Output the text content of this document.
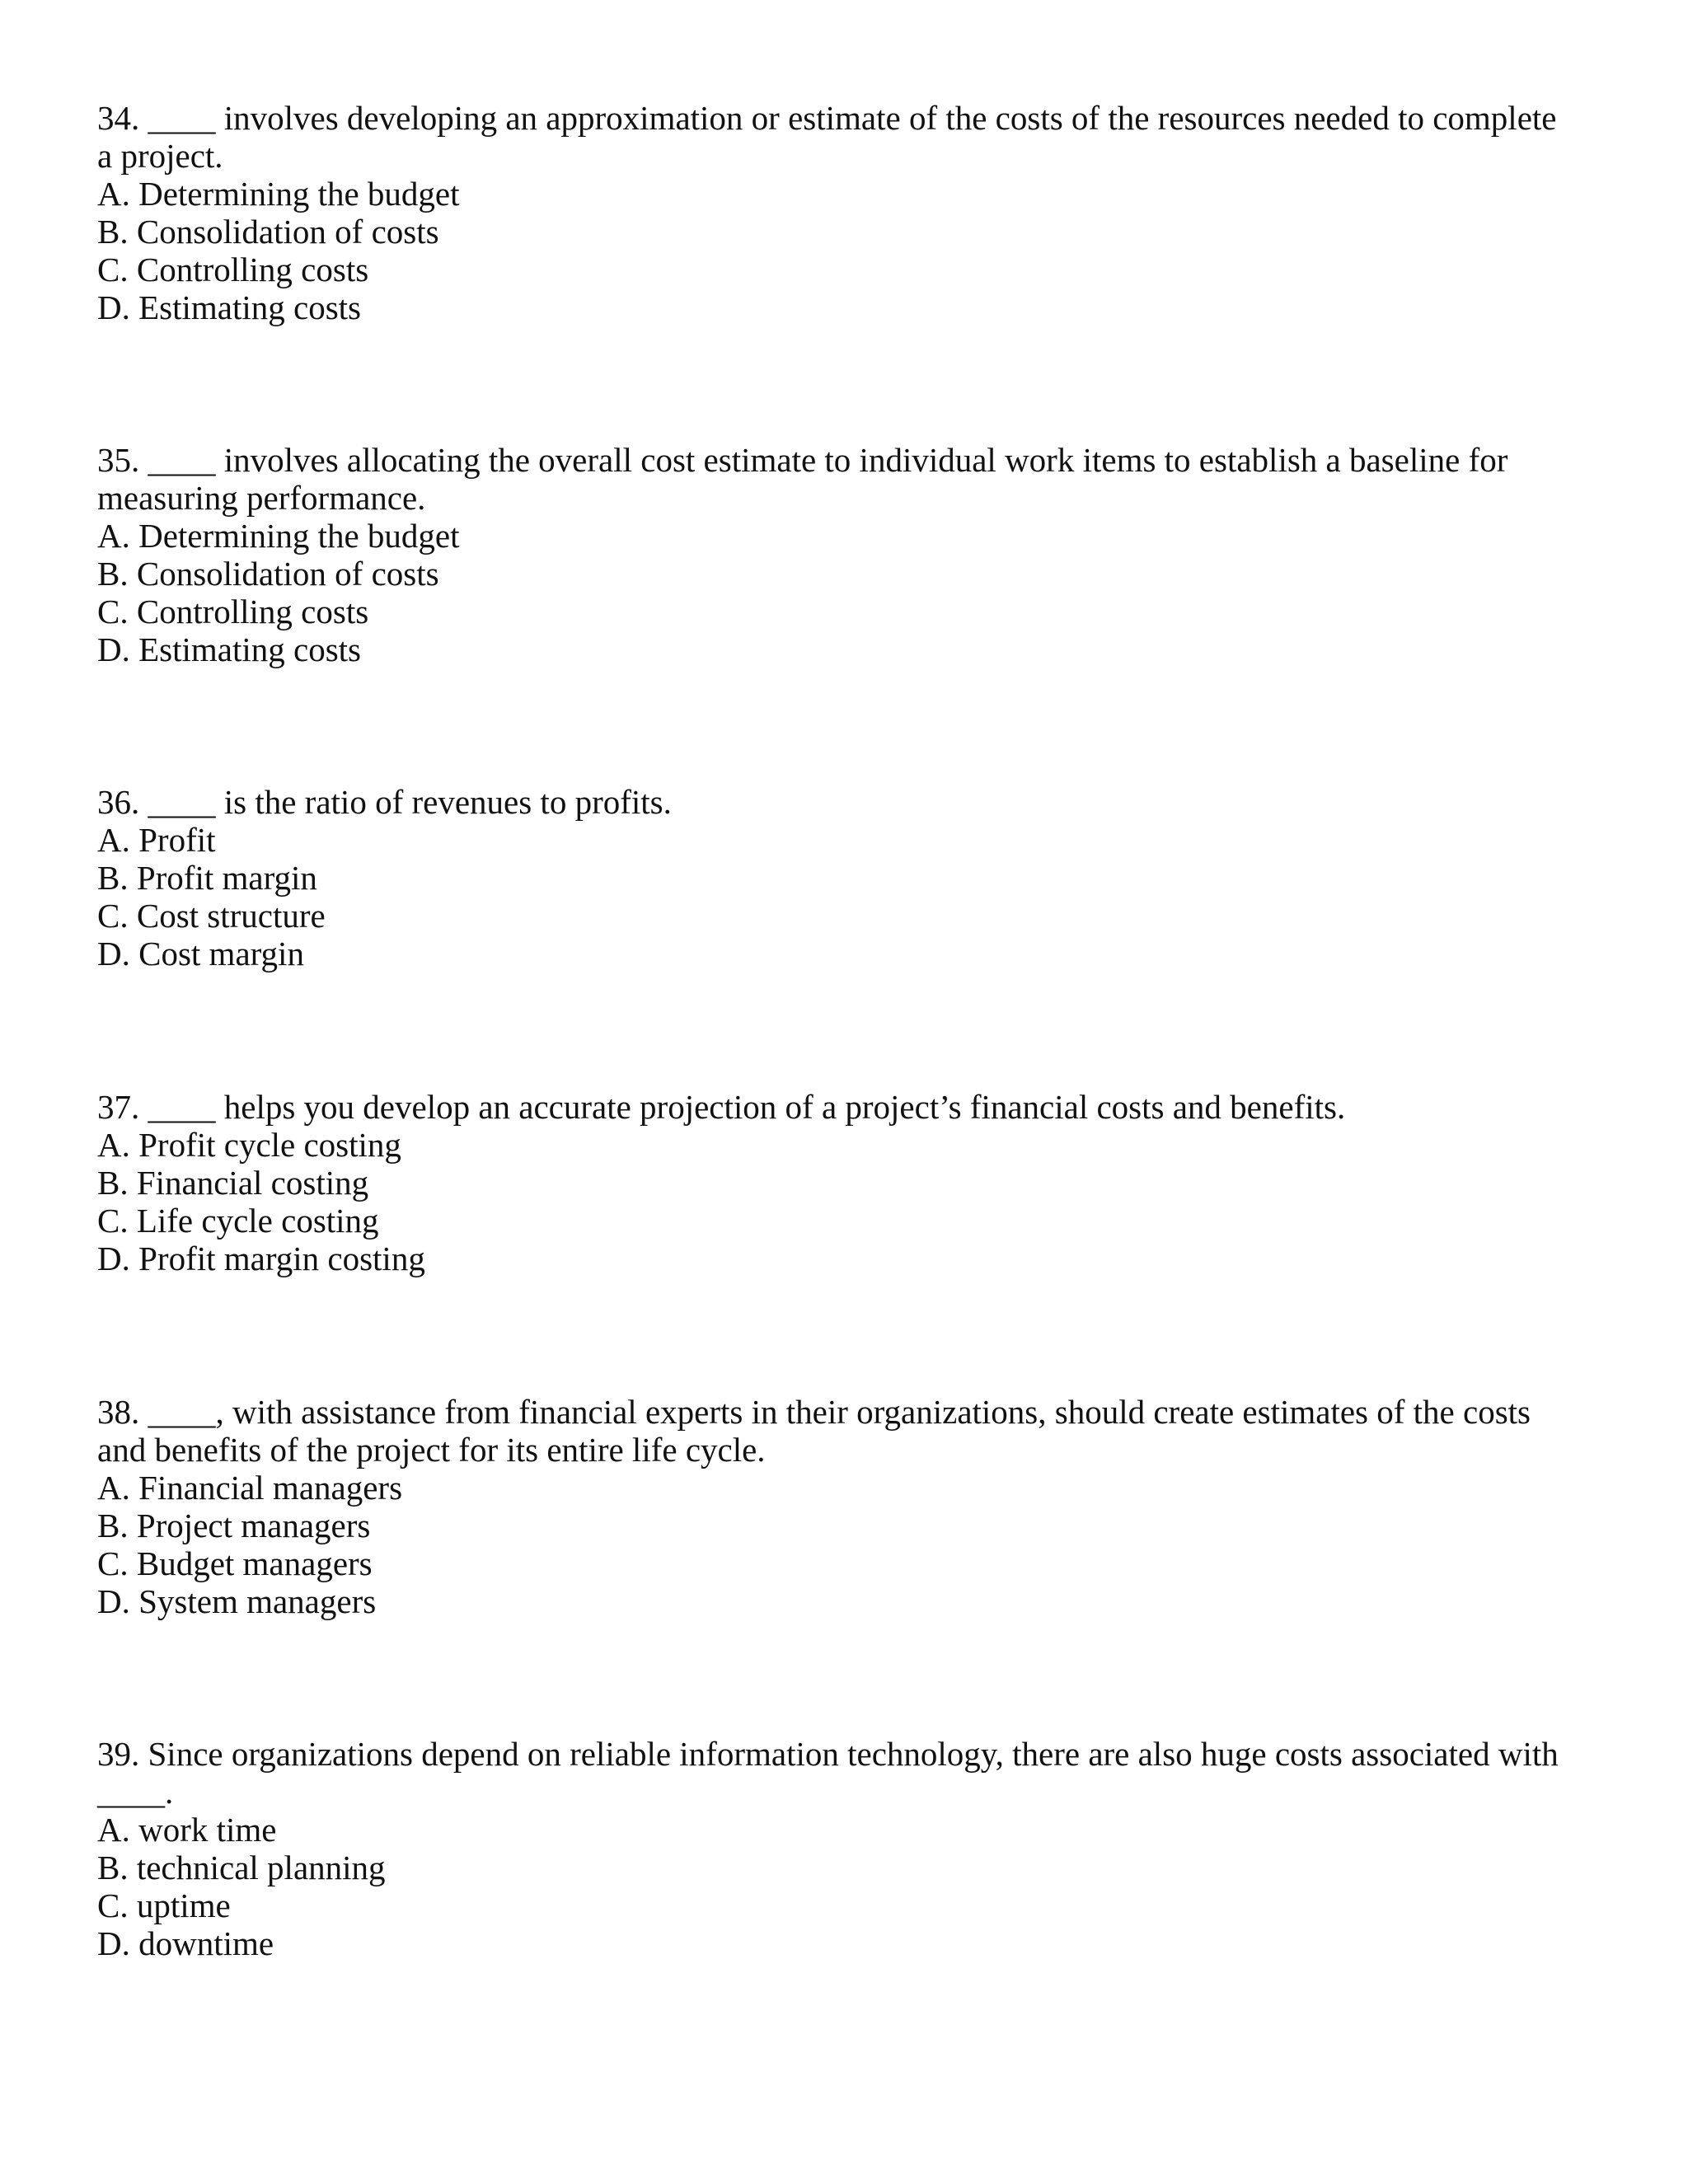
34. ____ involves developing an approximation or estimate of the costs of the resources needed to complete a project.

A. Determining the budget

B. Consolidation of costs

C. Controlling costs

D. Estimating costs

35. ____ involves allocating the overall cost estimate to individual work items to establish a baseline for measuring performance.

A. Determining the budget

B. Consolidation of costs

C. Controlling costs

D. Estimating costs

36. ____ is the ratio of revenues to profits.

A. Profit

B. Profit margin

C. Cost structure

D. Cost margin

37. ____ helps you develop an accurate projection of a project’s financial costs and benefits.

A. Profit cycle costing

B. Financial costing

C. Life cycle costing

D. Profit margin costing

38. ____, with assistance from financial experts in their organizations, should create estimates of the costs and benefits of the project for its entire life cycle.

A. Financial managers

B. Project managers

C. Budget managers

D. System managers

39. Since organizations depend on reliable information technology, there are also huge costs associated with ____.

A. work time

B. technical planning

C. uptime

D. downtime
